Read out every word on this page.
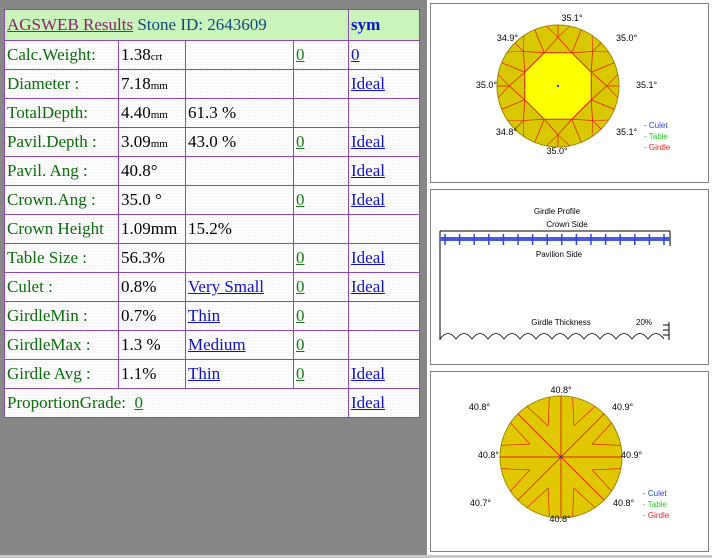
AGSWEB Results Stone ID: 2643609				sym
Calc.Weight:	1.38crt		0	0
Diameter :	7.18mm			Ideal
TotalDepth:	4.40mm	61.3 %		
Pavil.Depth :	3.09mm	43.0 %	0	Ideal
Pavil. Ang :	40.8°			Ideal
Crown.Ang :	35.0 °		0	Ideal
Crown Height	1.09mm	15.2%		
Table Size :	56.3%		0	Ideal
Culet :	0.8%	Very Small	0	Ideal
GirdleMin :	0.7%	Thin	0	
GirdleMax :	1.3 %	Medium	0	
Girdle Avg :	1.1%	Thin	0	Ideal
ProportionGrade: 0				Ideal
35.1°
34.9°	35.0°
35.0°	35.1°
34.8°	35.1°
35.0°
- Culet
- Table
- Girdle
Girdle Profile
Crown Side
Pavilion Side
Girdle Thickness	20%
40.8°
40.8°	40.9°
40.8°	40.9°
40.7°	40.8°
40.8°
- Culet
- Table
- Girdle
